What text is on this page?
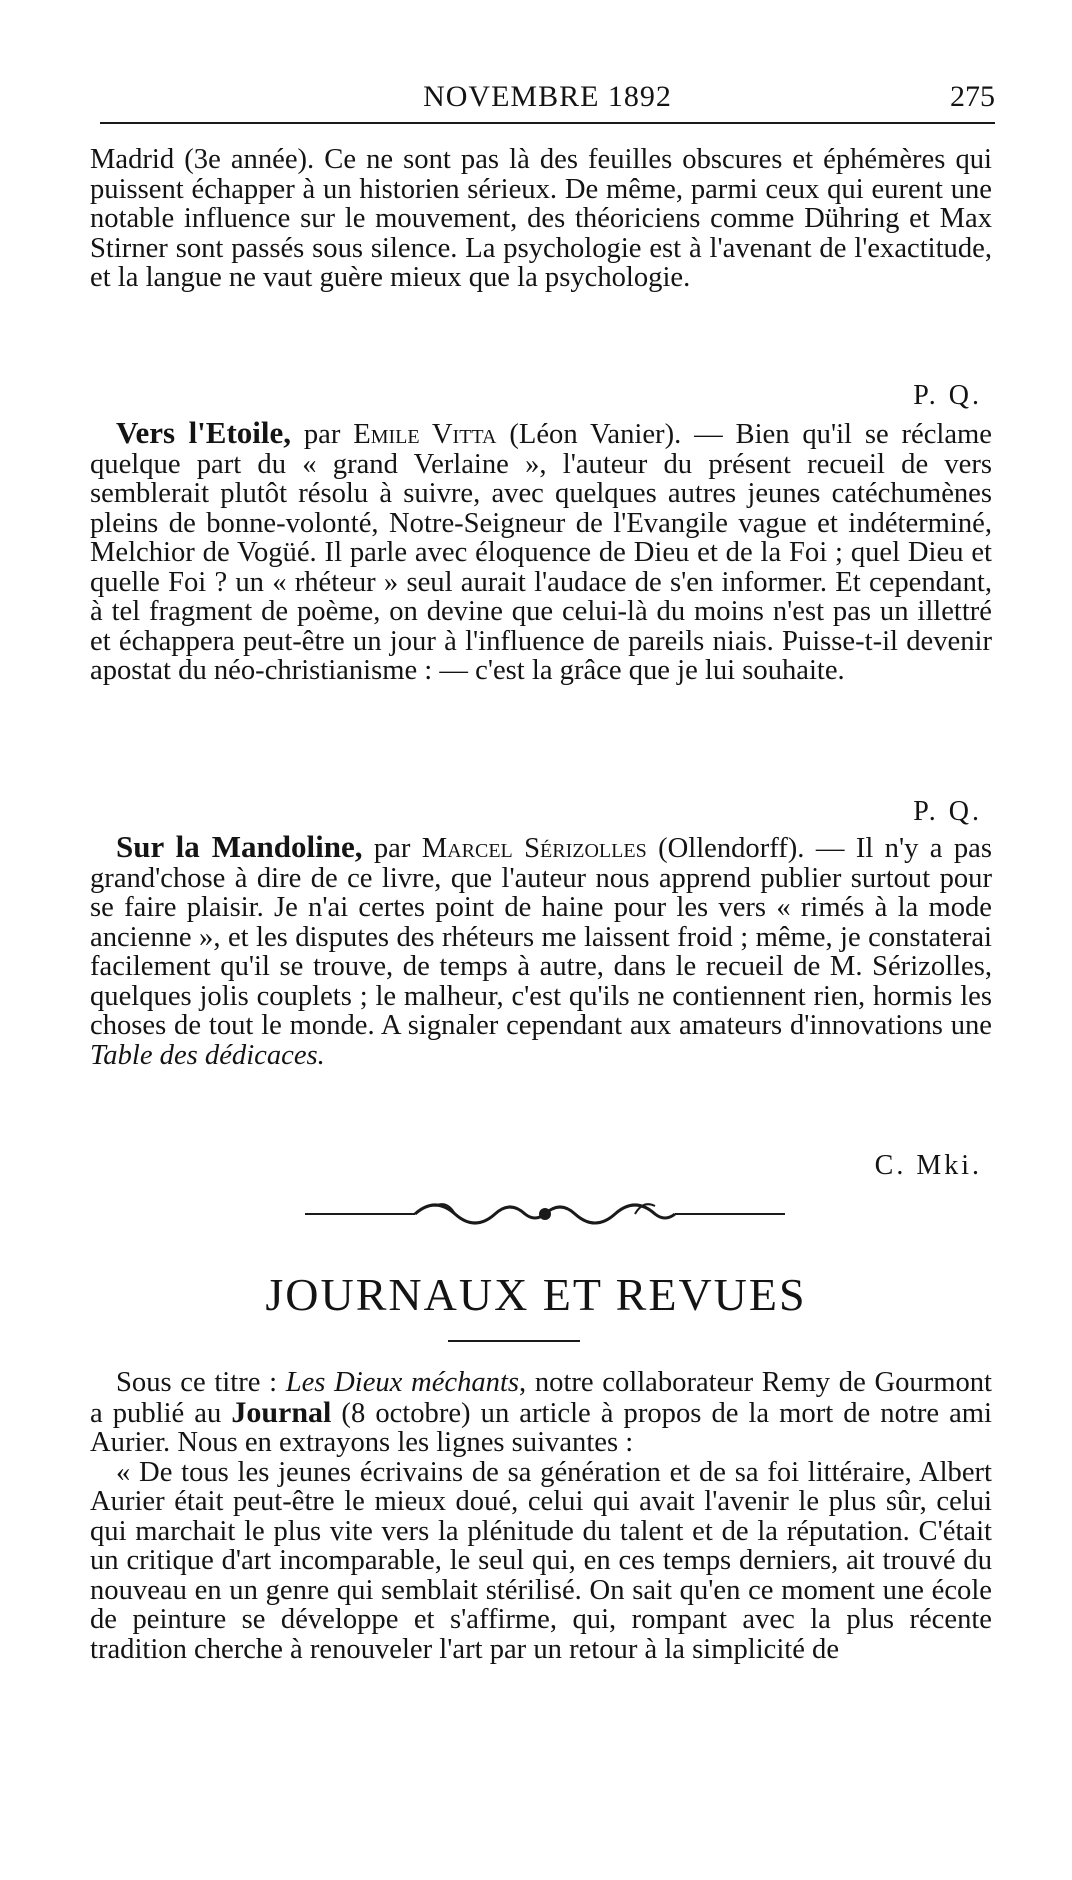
NOVEMBRE 1892	275

Madrid (3e année). Ce ne sont pas là des feuilles obscures et éphémères qui puissent échapper à un historien sérieux. De même, parmi ceux qui eurent une notable influence sur le mouvement, des théoriciens comme Dühring et Max Stirner sont passés sous silence. La psychologie est à l'avenant de l'exactitude, et la langue ne vaut guère mieux que la psychologie.

P. Q.

Vers l'Etoile, par Emile Vitta (Léon Vanier). — Bien qu'il se réclame quelque part du « grand Verlaine », l'auteur du présent recueil de vers semblerait plutôt résolu à suivre, avec quelques autres jeunes catéchumènes pleins de bonne-volonté, Notre-Seigneur de l'Evangile vague et indéterminé, Melchior de Vogüé. Il parle avec éloquence de Dieu et de la Foi ; quel Dieu et quelle Foi ? un « rhéteur » seul aurait l'audace de s'en informer. Et cependant, à tel fragment de poème, on devine que celui-là du moins n'est pas un illettré et échappera peut-être un jour à l'influence de pareils niais. Puisse-t-il devenir apostat du néo-christianisme : — c'est la grâce que je lui souhaite.

P. Q.

Sur la Mandoline, par Marcel Sérizolles (Ollendorff). — Il n'y a pas grand'chose à dire de ce livre, que l'auteur nous apprend publier surtout pour se faire plaisir. Je n'ai certes point de haine pour les vers « rimés à la mode ancienne », et les disputes des rhéteurs me laissent froid ; même, je constaterai facilement qu'il se trouve, de temps à autre, dans le recueil de M. Sérizolles, quelques jolis couplets ; le malheur, c'est qu'ils ne contiennent rien, hormis les choses de tout le monde. A signaler cependant aux amateurs d'innovations une Table des dédicaces.

C. Mki.
JOURNAUX ET REVUES

Sous ce titre : Les Dieux méchants, notre collaborateur Remy de Gourmont a publié au Journal (8 octobre) un article à propos de la mort de notre ami Aurier. Nous en extrayons les lignes suivantes :

« De tous les jeunes écrivains de sa génération et de sa foi littéraire, Albert Aurier était peut-être le mieux doué, celui qui avait l'avenir le plus sûr, celui qui marchait le plus vite vers la plénitude du talent et de la réputation. C'était un critique d'art incomparable, le seul qui, en ces temps derniers, ait trouvé du nouveau en un genre qui semblait stérilisé. On sait qu'en ce moment une école de peinture se développe et s'affirme, qui, rompant avec la plus récente tradition cherche à renouveler l'art par un retour à la simplicité de
